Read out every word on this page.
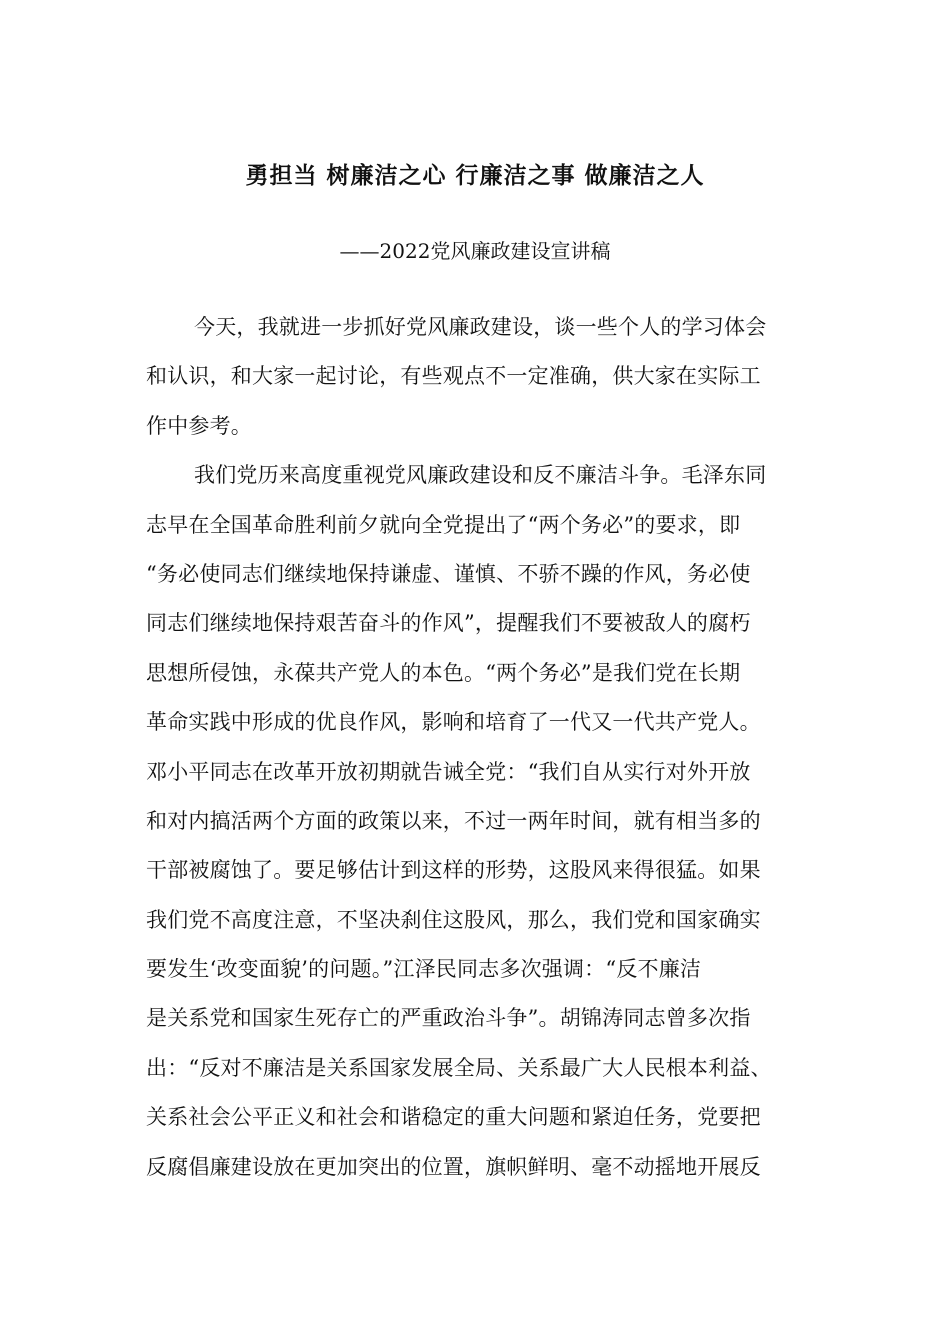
勇担当 树廉洁之心 行廉洁之事 做廉洁之人

——2022党风廉政建设宣讲稿

今天，我就进一步抓好党风廉政建设，谈一些个人的学习体会
和认识，和大家一起讨论，有些观点不一定准确，供大家在实际工
作中参考。
我们党历来高度重视党风廉政建设和反不廉洁斗争。毛泽东同
志早在全国革命胜利前夕就向全党提出了“两个务必”的要求，即
“务必使同志们继续地保持谦虚、谨慎、不骄不躁的作风，务必使
同志们继续地保持艰苦奋斗的作风”，提醒我们不要被敌人的腐朽
思想所侵蚀，永葆共产党人的本色。“两个务必”是我们党在长期
革命实践中形成的优良作风，影响和培育了一代又一代共产党人。
邓小平同志在改革开放初期就告诫全党：“我们自从实行对外开放
和对内搞活两个方面的政策以来，不过一两年时间，就有相当多的
干部被腐蚀了。要足够估计到这样的形势，这股风来得很猛。如果
我们党不高度注意，不坚决刹住这股风，那么，我们党和国家确实
要发生‘改变面貌’的问题。”江泽民同志多次强调：“反不廉洁
是关系党和国家生死存亡的严重政治斗争”。胡锦涛同志曾多次指
出：“反对不廉洁是关系国家发展全局、关系最广大人民根本利益、
关系社会公平正义和社会和谐稳定的重大问题和紧迫任务，党要把
反腐倡廉建设放在更加突出的位置，旗帜鲜明、毫不动摇地开展反
